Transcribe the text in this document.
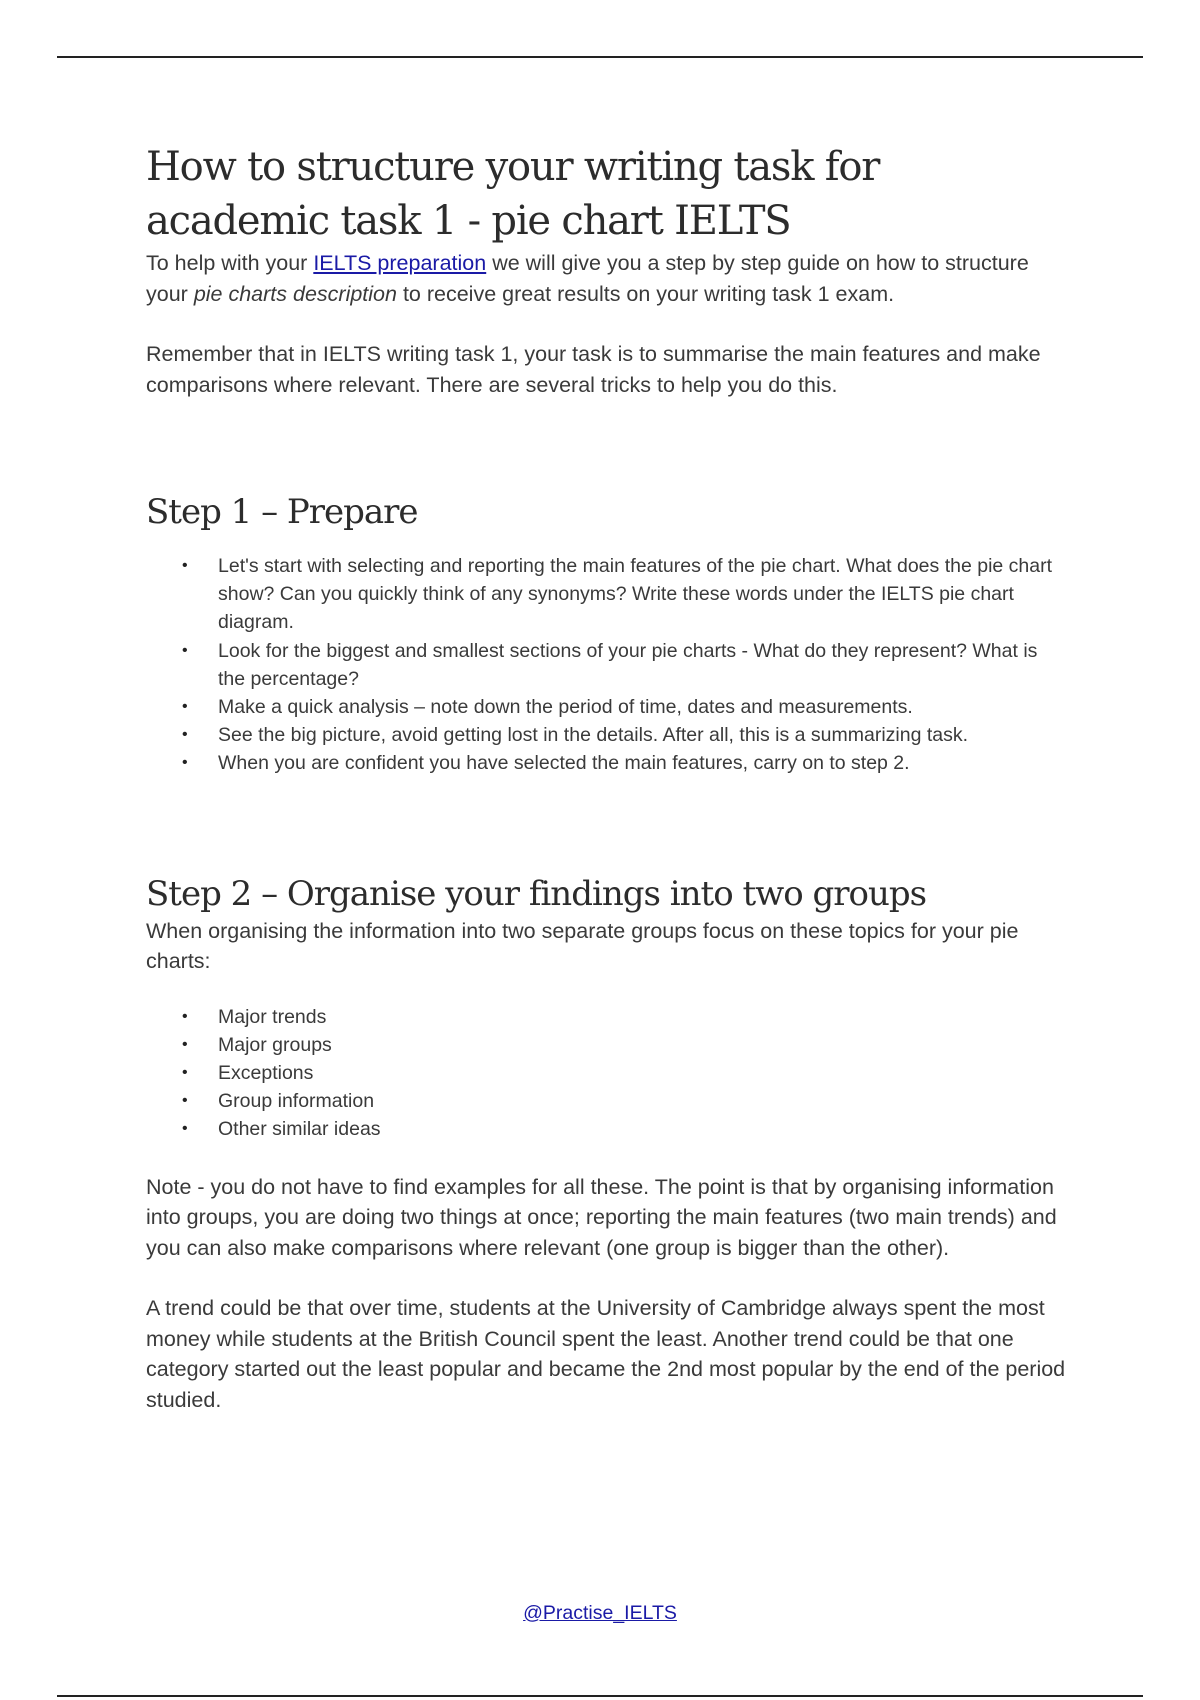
How to structure your writing task for academic task 1 - pie chart IELTS

To help with your IELTS preparation we will give you a step by step guide on how to structure your pie charts description to receive great results on your writing task 1 exam.

Remember that in IELTS writing task 1, your task is to summarise the main features and make comparisons where relevant. There are several tricks to help you do this.

Step 1 – Prepare
• Let's start with selecting and reporting the main features of the pie chart. What does the pie chart show? Can you quickly think of any synonyms? Write these words under the IELTS pie chart diagram.
• Look for the biggest and smallest sections of your pie charts - What do they represent? What is the percentage?
• Make a quick analysis – note down the period of time, dates and measurements.
• See the big picture, avoid getting lost in the details. After all, this is a summarizing task.
• When you are confident you have selected the main features, carry on to step 2.
Step 2 – Organise your findings into two groups

When organising the information into two separate groups focus on these topics for your pie charts:

• Major trends
• Major groups
• Exceptions
• Group information
• Other similar ideas

Note - you do not have to find examples for all these. The point is that by organising information into groups, you are doing two things at once; reporting the main features (two main trends) and you can also make comparisons where relevant (one group is bigger than the other).

A trend could be that over time, students at the University of Cambridge always spent the most money while students at the British Council spent the least. Another trend could be that one category started out the least popular and became the 2nd most popular by the end of the period studied.

@Practise_IELTS
